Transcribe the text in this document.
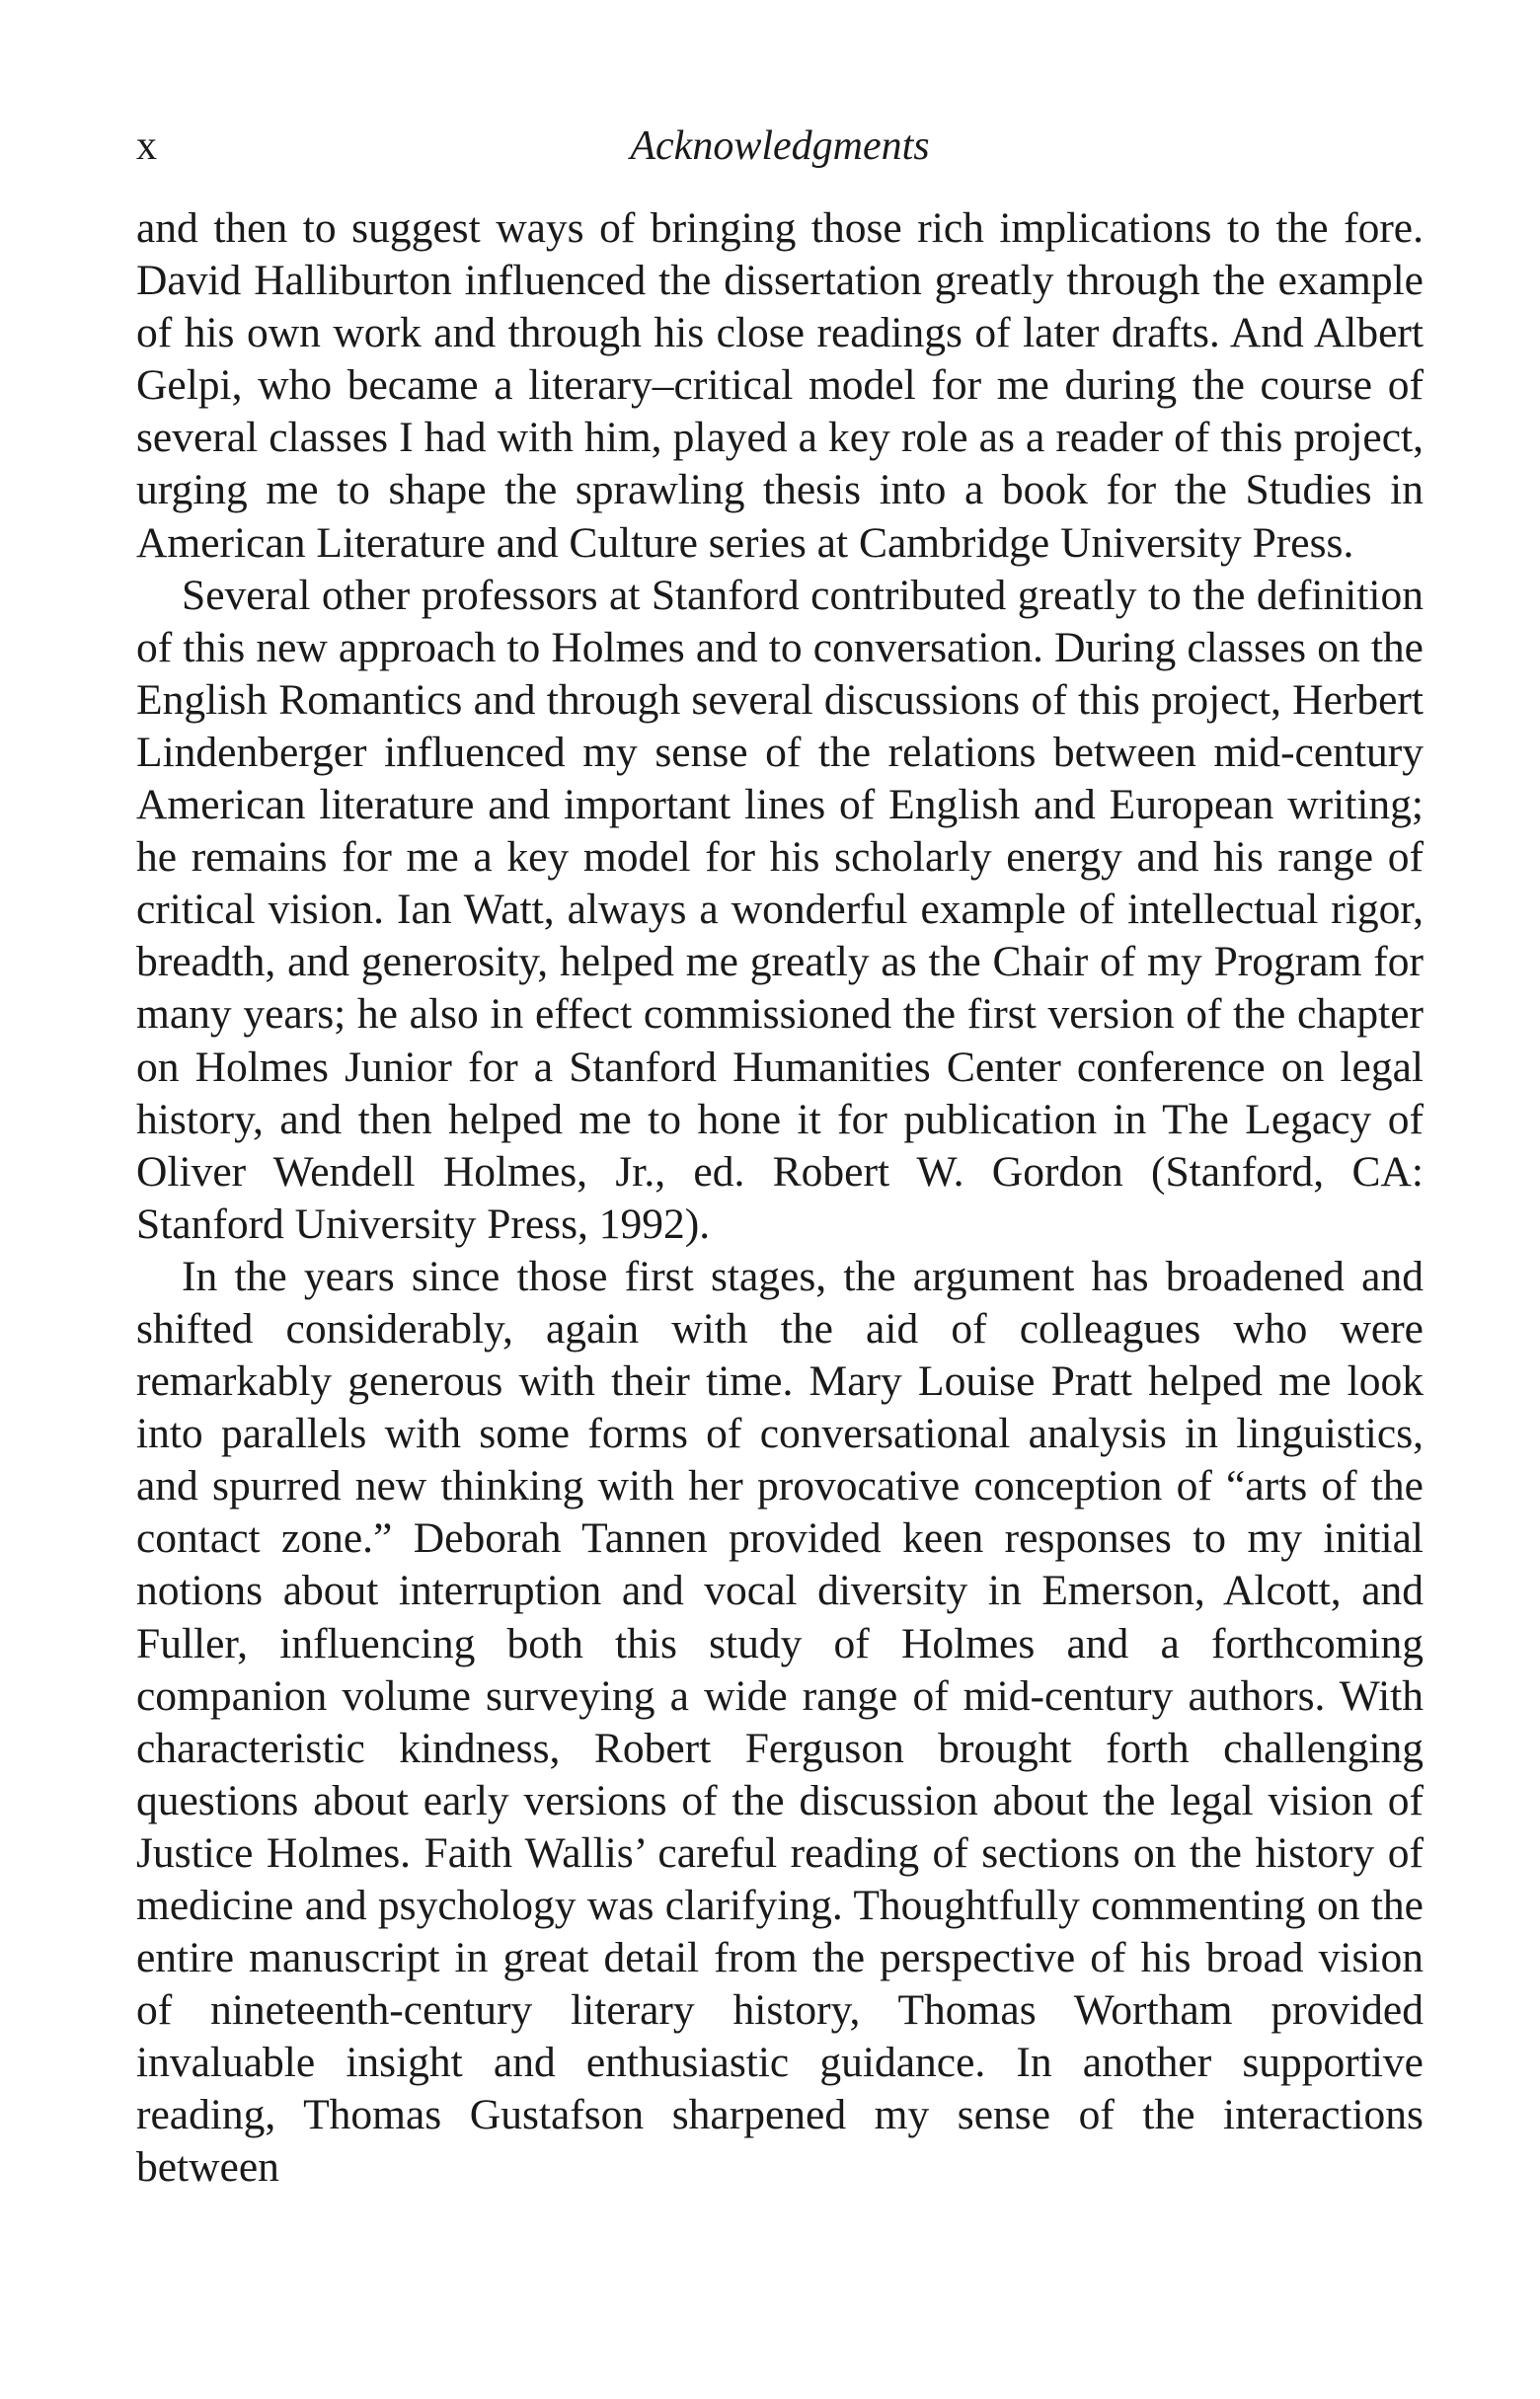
x	Acknowledgments

and then to suggest ways of bringing those rich implications to the fore. David Halliburton influenced the dissertation greatly through the example of his own work and through his close readings of later drafts. And Albert Gelpi, who became a literary–critical model for me during the course of several classes I had with him, played a key role as a reader of this project, urging me to shape the sprawling thesis into a book for the Studies in American Literature and Culture series at Cambridge University Press.

Several other professors at Stanford contributed greatly to the definition of this new approach to Holmes and to conversation. During classes on the English Romantics and through several discussions of this project, Herbert Lindenberger influenced my sense of the relations between mid-century American literature and important lines of English and European writing; he remains for me a key model for his scholarly energy and his range of critical vision. Ian Watt, always a wonderful example of intellectual rigor, breadth, and generosity, helped me greatly as the Chair of my Program for many years; he also in effect commissioned the first version of the chapter on Holmes Junior for a Stanford Humanities Center conference on legal history, and then helped me to hone it for publication in The Legacy of Oliver Wendell Holmes, Jr., ed. Robert W. Gordon (Stanford, CA: Stanford University Press, 1992).

In the years since those first stages, the argument has broadened and shifted considerably, again with the aid of colleagues who were remarkably generous with their time. Mary Louise Pratt helped me look into parallels with some forms of conversational analysis in linguistics, and spurred new thinking with her provocative conception of “arts of the contact zone.” Deborah Tannen provided keen responses to my initial notions about interruption and vocal diversity in Emerson, Alcott, and Fuller, influencing both this study of Holmes and a forthcoming companion volume surveying a wide range of mid-century authors. With characteristic kindness, Robert Ferguson brought forth challenging questions about early versions of the discussion about the legal vision of Justice Holmes. Faith Wallis’ careful reading of sections on the history of medicine and psychology was clarifying. Thoughtfully commenting on the entire manuscript in great detail from the perspective of his broad vision of nineteenth-century literary history, Thomas Wortham provided invaluable insight and enthusiastic guidance. In another supportive reading, Thomas Gustafson sharpened my sense of the interactions between
